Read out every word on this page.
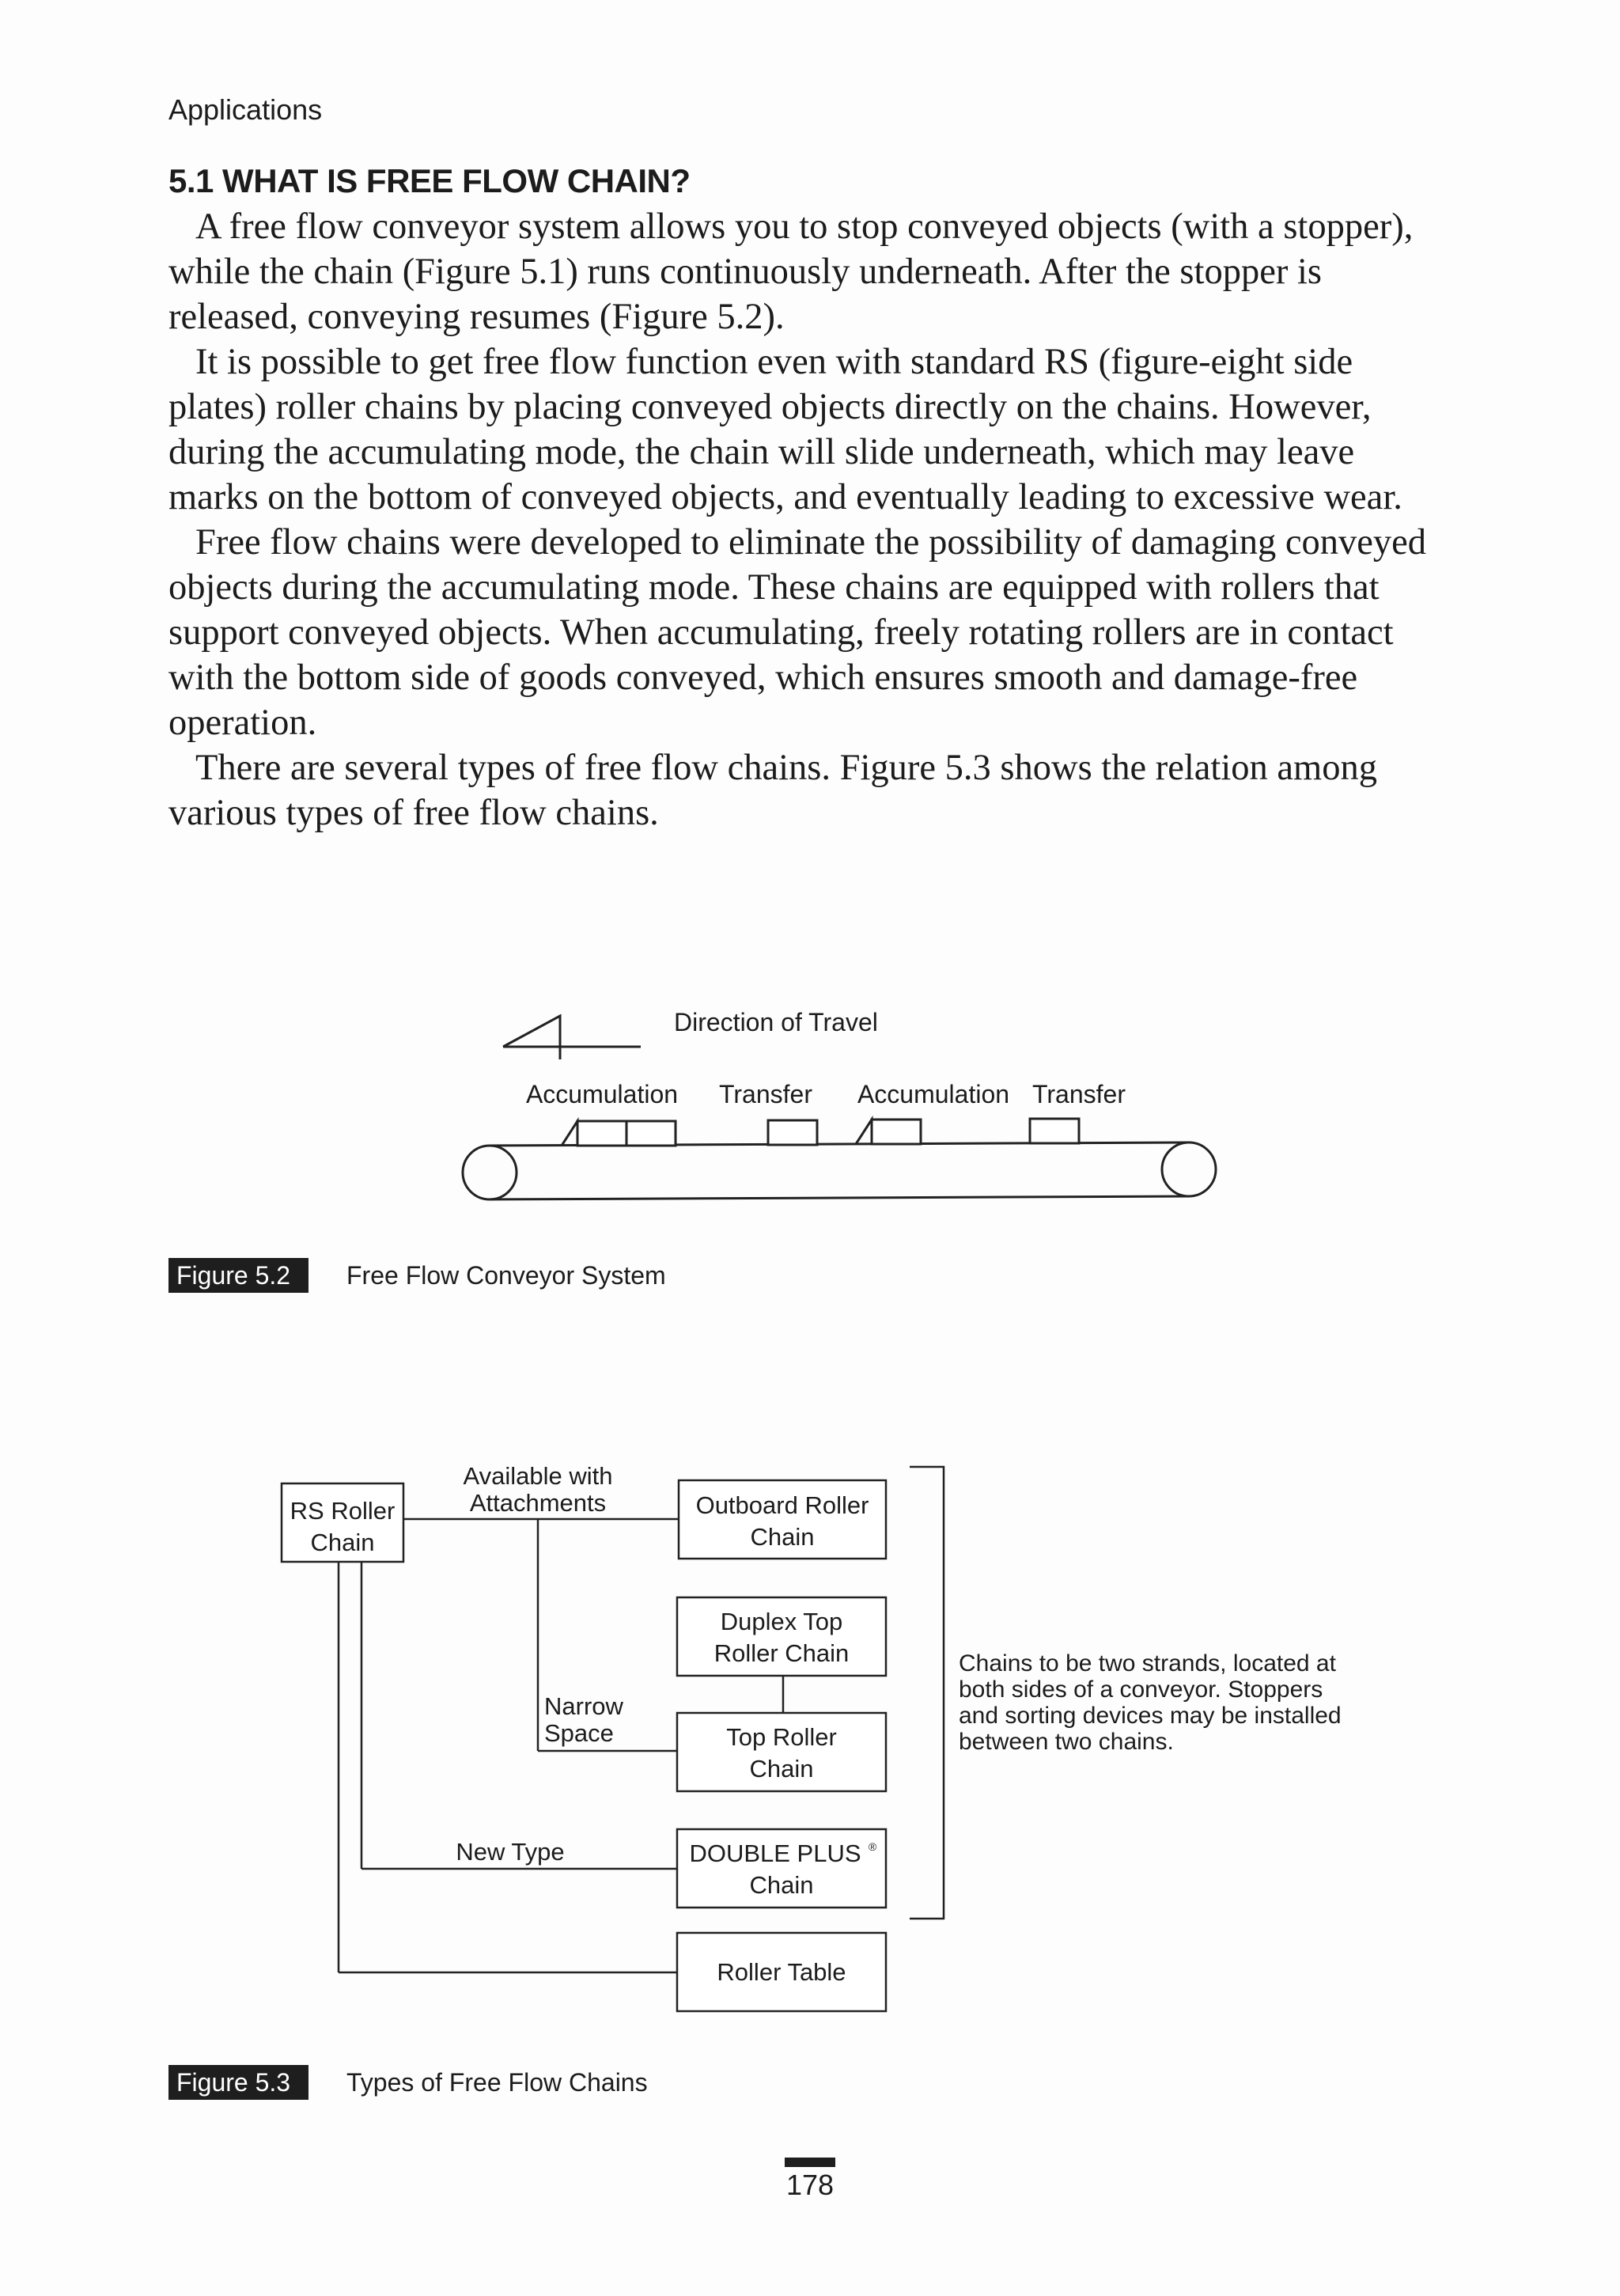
Applications
5.1 WHAT IS FREE FLOW CHAIN?

A free flow conveyor system allows you to stop conveyed objects (with a stopper), while the chain (Figure 5.1) runs continuously underneath. After the stopper is released, conveying resumes (Figure 5.2).

It is possible to get free flow function even with standard RS (figure-eight side plates) roller chains by placing conveyed objects directly on the chains. However, during the accumulating mode, the chain will slide underneath, which may leave marks on the bottom of conveyed objects, and eventually leading to excessive wear.

Free flow chains were developed to eliminate the possibility of damaging conveyed objects during the accumulating mode. These chains are equipped with rollers that support conveyed objects. When accumulating, freely rotating rollers are in contact with the bottom side of goods conveyed, which ensures smooth and damage-free operation.

There are several types of free flow chains. Figure 5.3 shows the relation among various types of free flow chains.

Direction of Travel
Accumulation Transfer Accumulation Transfer
Figure 5.2	Free Flow Conveyor System
RS Roller
Chain
Outboard Roller
Chain
Duplex Top
Roller Chain
Top Roller
Chain
DOUBLE PLUS ®
Chain
Roller Table
Available with
Attachments
New Type
Narrow
Space
Chains to be two strands, located at
both sides of a conveyor. Stoppers
and sorting devices may be installed
between two chains.
Figure 5.3	Types of Free Flow Chains
178
